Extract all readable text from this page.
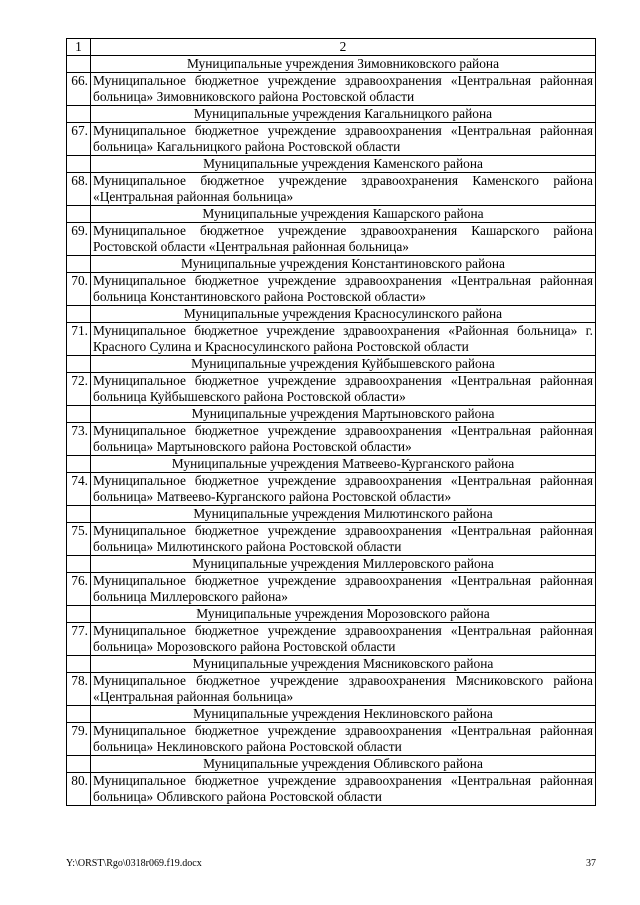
1	2
	Муниципальные учреждения Зимовниковского района
66.	Муниципальное бюджетное учреждение здравоохранения «Центральная районная больница» Зимовниковского района Ростовской области
	Муниципальные учреждения Кагальницкого района
67.	Муниципальное бюджетное учреждение здравоохранения «Центральная районная больница» Кагальницкого района Ростовской области
	Муниципальные учреждения Каменского района
68.	Муниципальное бюджетное учреждение здравоохранения Каменского района «Центральная районная больница»
	Муниципальные учреждения Кашарского района
69.	Муниципальное бюджетное учреждение здравоохранения Кашарского района Ростовской области «Центральная районная больница»
	Муниципальные учреждения Константиновского района
70.	Муниципальное бюджетное учреждение здравоохранения «Центральная районная больница Константиновского района Ростовской области»
	Муниципальные учреждения Красносулинского района
71.	Муниципальное бюджетное учреждение здравоохранения «Районная больница» г. Красного Сулина и Красносулинского района Ростовской области
	Муниципальные учреждения Куйбышевского района
72.	Муниципальное бюджетное учреждение здравоохранения «Центральная районная больница Куйбышевского района Ростовской области»
	Муниципальные учреждения Мартыновского района
73.	Муниципальное бюджетное учреждение здравоохранения «Центральная районная больница» Мартыновского района Ростовской области»
	Муниципальные учреждения Матвеево-Курганского района
74.	Муниципальное бюджетное учреждение здравоохранения «Центральная районная больница» Матвеево-Курганского района Ростовской области»
	Муниципальные учреждения Милютинского района
75.	Муниципальное бюджетное учреждение здравоохранения «Центральная районная больница» Милютинского района Ростовской области
	Муниципальные учреждения Миллеровского района
76.	Муниципальное бюджетное учреждение здравоохранения «Центральная районная больница Миллеровского района»
	Муниципальные учреждения Морозовского района
77.	Муниципальное бюджетное учреждение здравоохранения «Центральная районная больница» Морозовского района Ростовской области
	Муниципальные учреждения Мясниковского района
78.	Муниципальное бюджетное учреждение здравоохранения Мясниковского района «Центральная районная больница»
	Муниципальные учреждения Неклиновского района
79.	Муниципальное бюджетное учреждение здравоохранения «Центральная районная больница» Неклиновского района Ростовской области
	Муниципальные учреждения Обливского района
80.	Муниципальное бюджетное учреждение здравоохранения «Центральная районная больница» Обливского района Ростовской области
Y:\ORST\Rgo\0318r069.f19.docx	37
